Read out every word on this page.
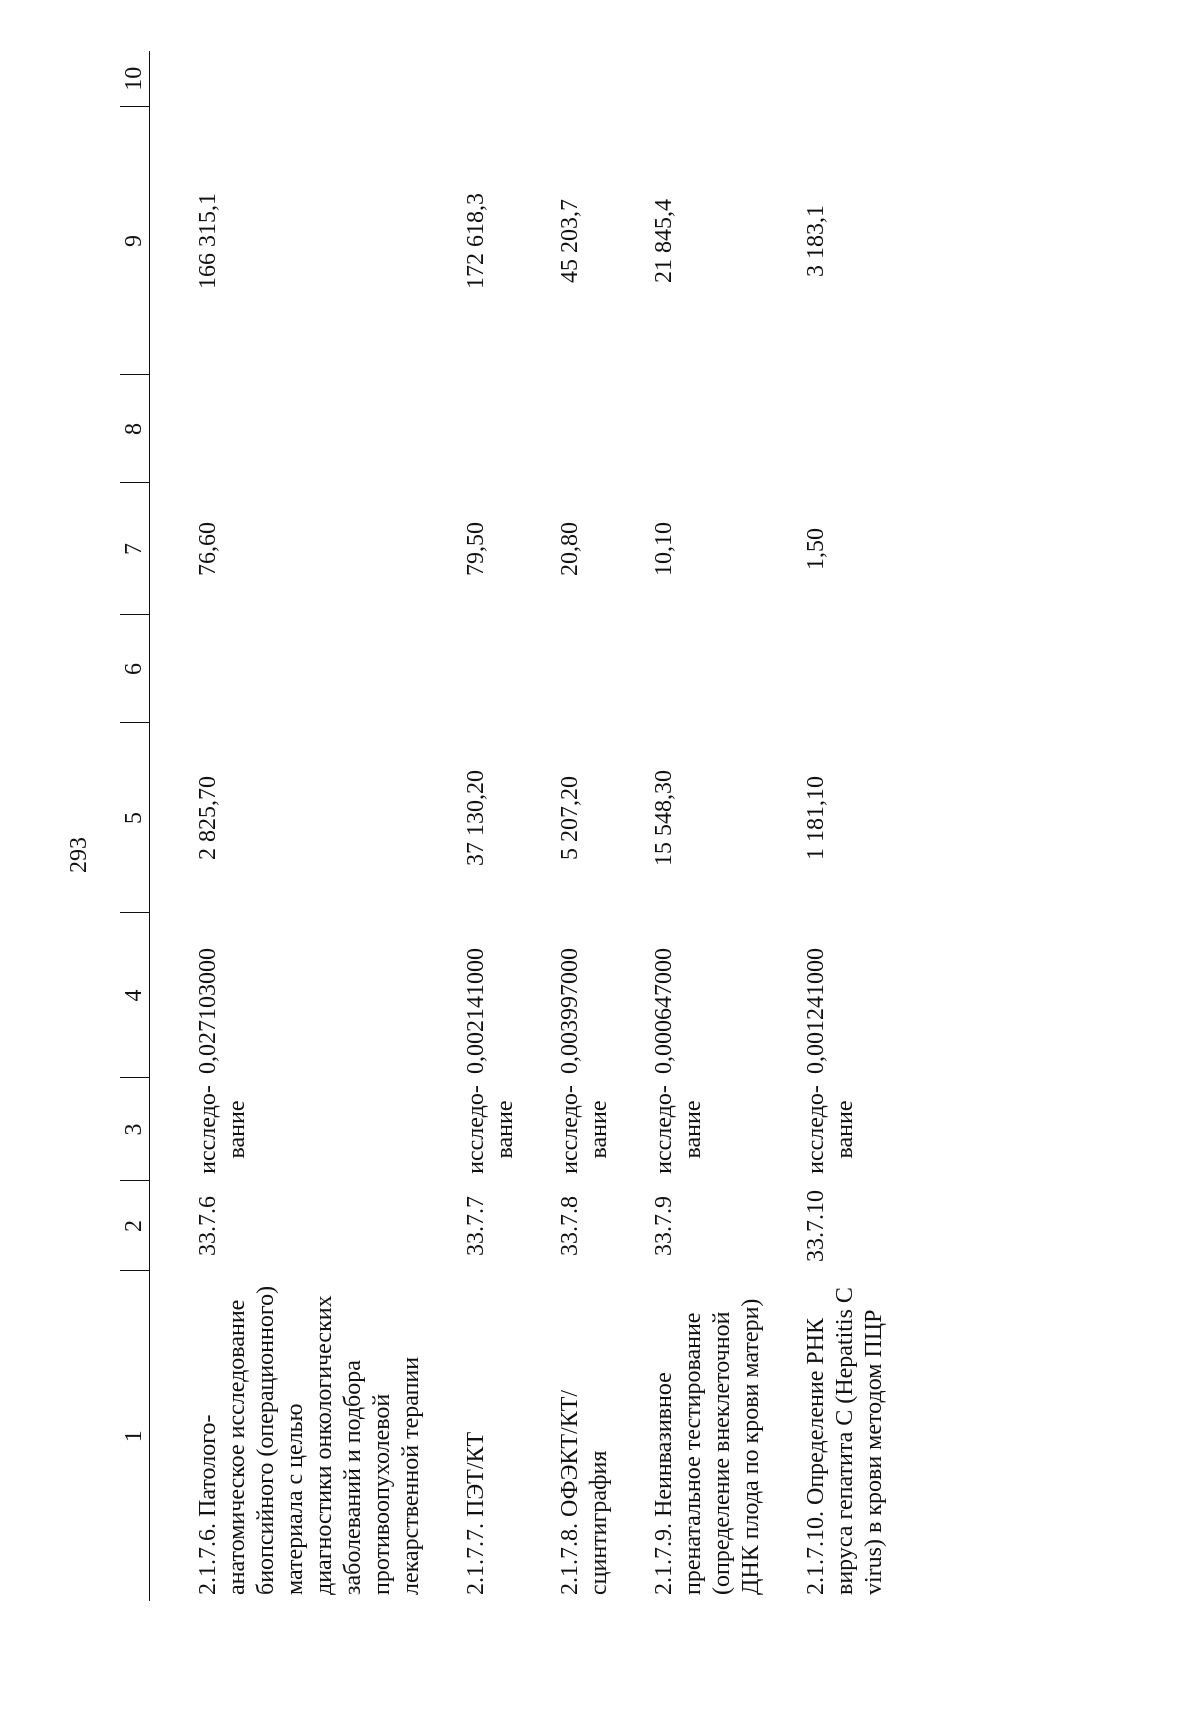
293
1	2	3	4	5	6	7	8	9	10
2.1.7.6. Патолого-анатомическое исследование биопсийного (операционного) материала с целью диагностики онкологических заболеваний и подбора противоопухолевой лекарственной терапии	33.7.6	исследо-вание	0,027103000	2 825,70		76,60		166 315,1	
2.1.7.7. ПЭТ/КТ	33.7.7	исследо-вание	0,002141000	37 130,20		79,50		172 618,3	
2.1.7.8. ОФЭКТ/КТ/ сцинтиграфия	33.7.8	исследо-вание	0,003997000	5 207,20		20,80		45 203,7	
2.1.7.9. Неинвазивное пренатальное тестирование (определение внеклеточной ДНК плода по крови матери)	33.7.9	исследо-вание	0,000647000	15 548,30		10,10		21 845,4	
2.1.7.10. Определение РНК вируса гепатита С (Hepatitis C virus) в крови методом ПЦР	33.7.10	исследо-вание	0,001241000	1 181,10		1,50		3 183,1	
